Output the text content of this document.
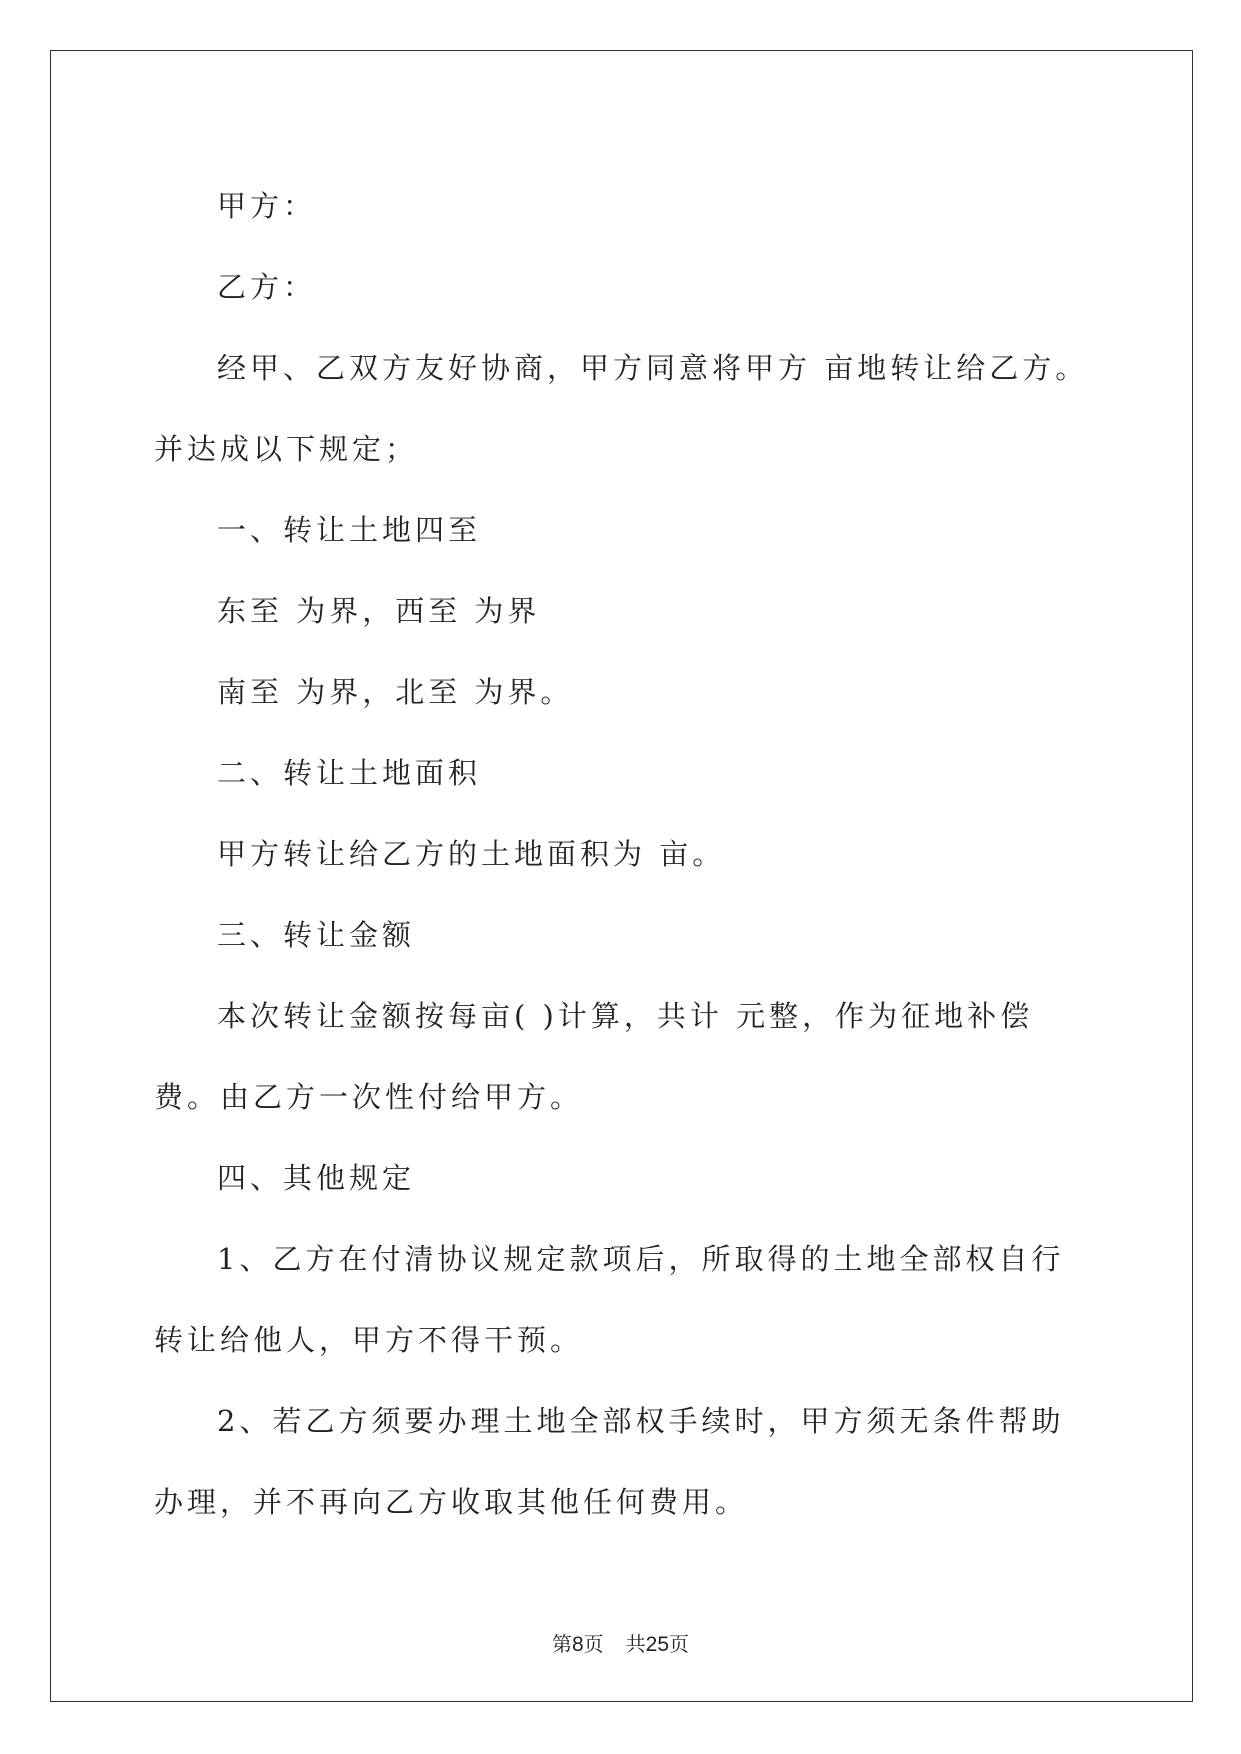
甲方：

乙方：

经甲、乙双方友好协商，甲方同意将甲方 亩地转让给乙方。并达成以下规定；

一、转让土地四至

东至 为界，西至 为界

南至 为界，北至 为界。

二、转让土地面积

甲方转让给乙方的土地面积为 亩。

三、转让金额

本次转让金额按每亩( )计算，共计 元整，作为征地补偿费。由乙方一次性付给甲方。

四、其他规定

1、乙方在付清协议规定款项后，所取得的土地全部权自行转让给他人，甲方不得干预。

2、若乙方须要办理土地全部权手续时，甲方须无条件帮助办理，并不再向乙方收取其他任何费用。

第8页 共25页
